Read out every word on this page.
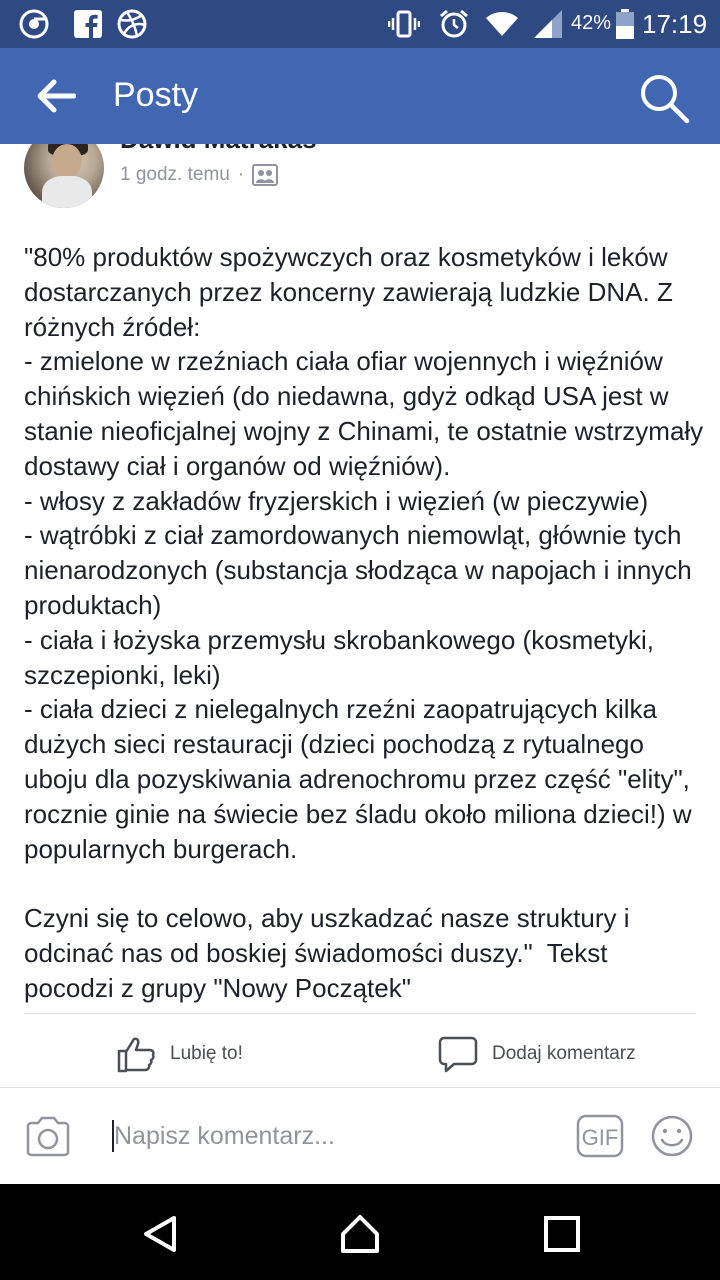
42% 17:19
1 godz. temu ·
Posty
"80% produktów spożywczych oraz kosmetyków i leków dostarczanych przez koncerny zawierają ludzkie DNA. Z różnych źródeł:
- zmielone w rzeźniach ciała ofiar wojennych i więźniów chińskich więzień (do niedawna, gdyż odkąd USA jest w stanie nieoficjalnej wojny z Chinami, te ostatnie wstrzymały dostawy ciał i organów od więźniów).
- włosy z zakładów fryzjerskich i więzień (w pieczywie)
- wątróbki z ciał zamordowanych niemowląt, głównie tych nienarodzonych (substancja słodząca w napojach i innych produktach)
- ciała i łożyska przemysłu skrobankowego (kosmetyki, szczepionki, leki)
- ciała dzieci z nielegalnych rzeźni zaopatrujących kilka dużych sieci restauracji (dzieci pochodzą z rytualnego uboju dla pozyskiwania adrenochromu przez część "elity", rocznie ginie na świecie bez śladu około miliona dzieci!) w popularnych burgerach.

Czyni się to celowo, aby uszkadzać nasze struktury i odcinać nas od boskiej świadomości duszy."  Tekst pocodzi z grupy "Nowy Początek"
Lubię to!	Dodaj komentarz
Napisz komentarz...
GIF
